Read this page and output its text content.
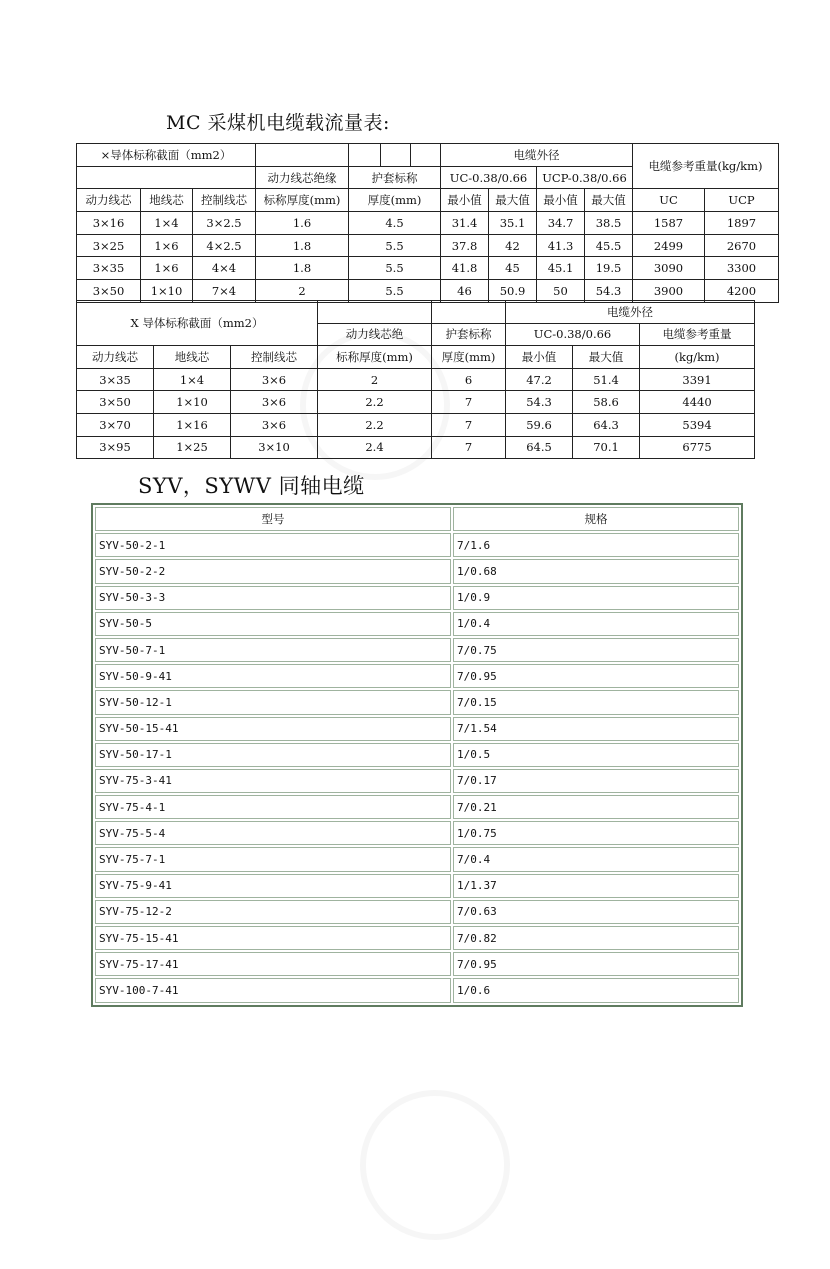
MC 采煤机电缆载流量表:
×导体标称截面（mm2）							电缆外径				电缆参考重量(kg/km)	
			动力线芯绝缘	护套标称			UC-0.38/0.66		UCP-0.38/0.66			
动力线芯	地线芯	控制线芯	标称厚度(mm)	厚度(mm)			最小值	最大值	最小值	最大值	UC	UCP
3×16	1×4	3×2.5	1.6	4.5			31.4	35.1	34.7	38.5	1587	1897
3×25	1×6	4×2.5	1.8	5.5			37.8	42	41.3	45.5	2499	2670
3×35	1×6	4×4	1.8	5.5			41.8	45	45.1	19.5	3090	3300
3×50	1×10	7×4	2	5.5			46	50.9	50	54.3	3900	4200
X 导体标称截面（mm2）					电缆外径		
			动力线芯绝	护套标称	UC-0.38/0.66		电缆参考重量
动力线芯	地线芯	控制线芯	标称厚度(mm)	厚度(mm)	最小值	最大值	(kg/km)
3×35	1×4	3×6	2	6	47.2	51.4	3391
3×50	1×10	3×6	2.2	7	54.3	58.6	4440
3×70	1×16	3×6	2.2	7	59.6	64.3	5394
3×95	1×25	3×10	2.4	7	64.5	70.1	6775
SYV，SYWV 同轴电缆
型号	规格
SYV-50-2-1	7/1.6
SYV-50-2-2	1/0.68
SYV-50-3-3	1/0.9
SYV-50-5	1/0.4
SYV-50-7-1	7/0.75
SYV-50-9-41	7/0.95
SYV-50-12-1	7/0.15
SYV-50-15-41	7/1.54
SYV-50-17-1	1/0.5
SYV-75-3-41	7/0.17
SYV-75-4-1	7/0.21
SYV-75-5-4	1/0.75
SYV-75-7-1	7/0.4
SYV-75-9-41	1/1.37
SYV-75-12-2	7/0.63
SYV-75-15-41	7/0.82
SYV-75-17-41	7/0.95
SYV-100-7-41	1/0.6
